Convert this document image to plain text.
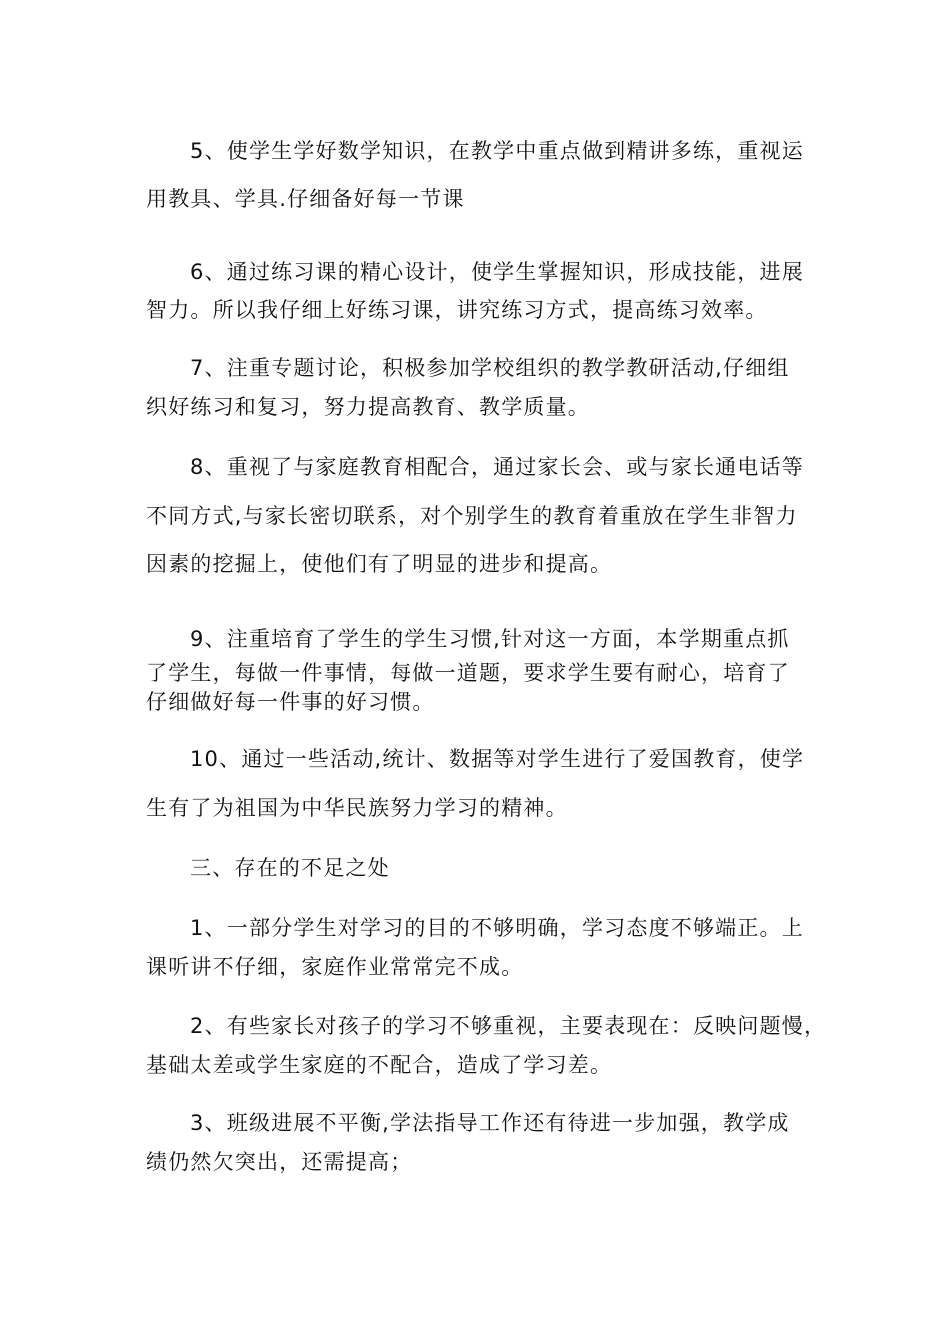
5、使学生学好数学知识，在教学中重点做到精讲多练，重视运
用教具、学具.仔细备好每一节课
6、通过练习课的精心设计，使学生掌握知识，形成技能，进展
智力。所以我仔细上好练习课，讲究练习方式，提高练习效率。
7、注重专题讨论，积极参加学校组织的教学教研活动,仔细组
织好练习和复习，努力提高教育、教学质量。
8、重视了与家庭教育相配合，通过家长会、或与家长通电话等
不同方式,与家长密切联系，对个别学生的教育着重放在学生非智力
因素的挖掘上，使他们有了明显的进步和提高。
9、注重培育了学生的学生习惯,针对这一方面，本学期重点抓
了学生，每做一件事情，每做一道题，要求学生要有耐心，培育了
仔细做好每一件事的好习惯。
10、通过一些活动,统计、数据等对学生进行了爱国教育，使学
生有了为祖国为中华民族努力学习的精神。
三、存在的不足之处
1、一部分学生对学习的目的不够明确，学习态度不够端正。上
课听讲不仔细，家庭作业常常完不成。
2、有些家长对孩子的学习不够重视，主要表现在：反映问题慢，
基础太差或学生家庭的不配合，造成了学习差。
3、班级进展不平衡,学法指导工作还有待进一步加强，教学成
绩仍然欠突出，还需提高；
